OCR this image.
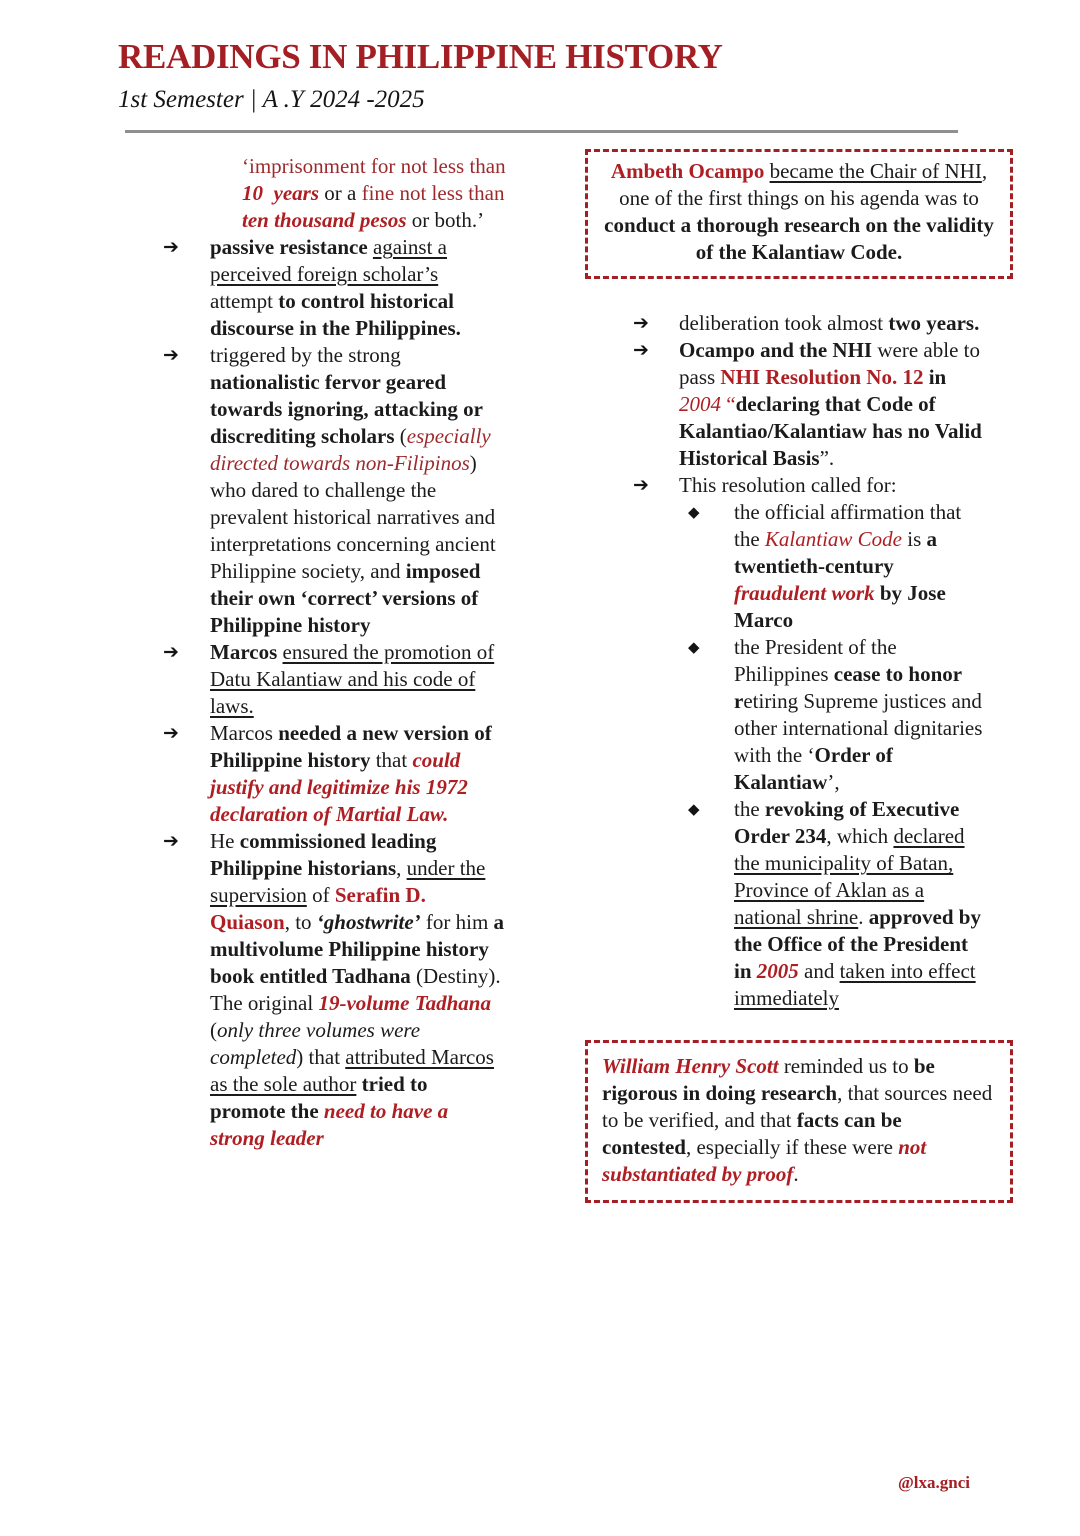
READINGS IN PHILIPPINE HISTORY
1st Semester | A .Y 2024 -2025
‘imprisonment for not less than 10  years or a fine not less than ten thousand pesos or both.’
➔	passive resistance against a perceived foreign scholar’s attempt to control historical discourse in the Philippines.
➔	triggered by the strong nationalistic fervor geared towards ignoring, attacking or discrediting scholars (especially directed towards non-Filipinos) who dared to challenge the prevalent historical narratives and interpretations concerning ancient Philippine society, and imposed their own ‘correct’ versions of Philippine history
➔	Marcos ensured the promotion of Datu Kalantiaw and his code of laws.
➔	Marcos needed a new version of Philippine history that could justify and legitimize his 1972 declaration of Martial Law.
➔	He commissioned leading Philippine historians, under the supervision of Serafin D. Quiason, to ‘ghostwrite’ for him a multivolume Philippine history book entitled Tadhana (Destiny). The original 19-volume Tadhana (only three volumes were completed) that attributed Marcos as the sole author tried to promote the need to have a strong leader
Ambeth Ocampo became the Chair of NHI, one of the first things on his agenda was to conduct a thorough research on the validity of the Kalantiaw Code.
➔	deliberation took almost two years.
➔	Ocampo and the NHI were able to pass NHI Resolution No. 12 in 2004 “declaring that Code of Kalantiao/Kalantiaw has no Valid Historical Basis”.
➔	This resolution called for:
◆	the official affirmation that the Kalantiaw Code is a twentieth-century fraudulent work by Jose Marco
◆	the President of the Philippines cease to honor retiring Supreme justices and other international dignitaries with the ‘Order of Kalantiaw’,
◆	the revoking of Executive Order 234, which declared the municipality of Batan, Province of Aklan as a national shrine. approved by the Office of the President in 2005 and taken into effect immediately
William Henry Scott reminded us to be rigorous in doing research, that sources need to be verified, and that facts can be contested, especially if these were not substantiated by proof.
@lxa.gnci
